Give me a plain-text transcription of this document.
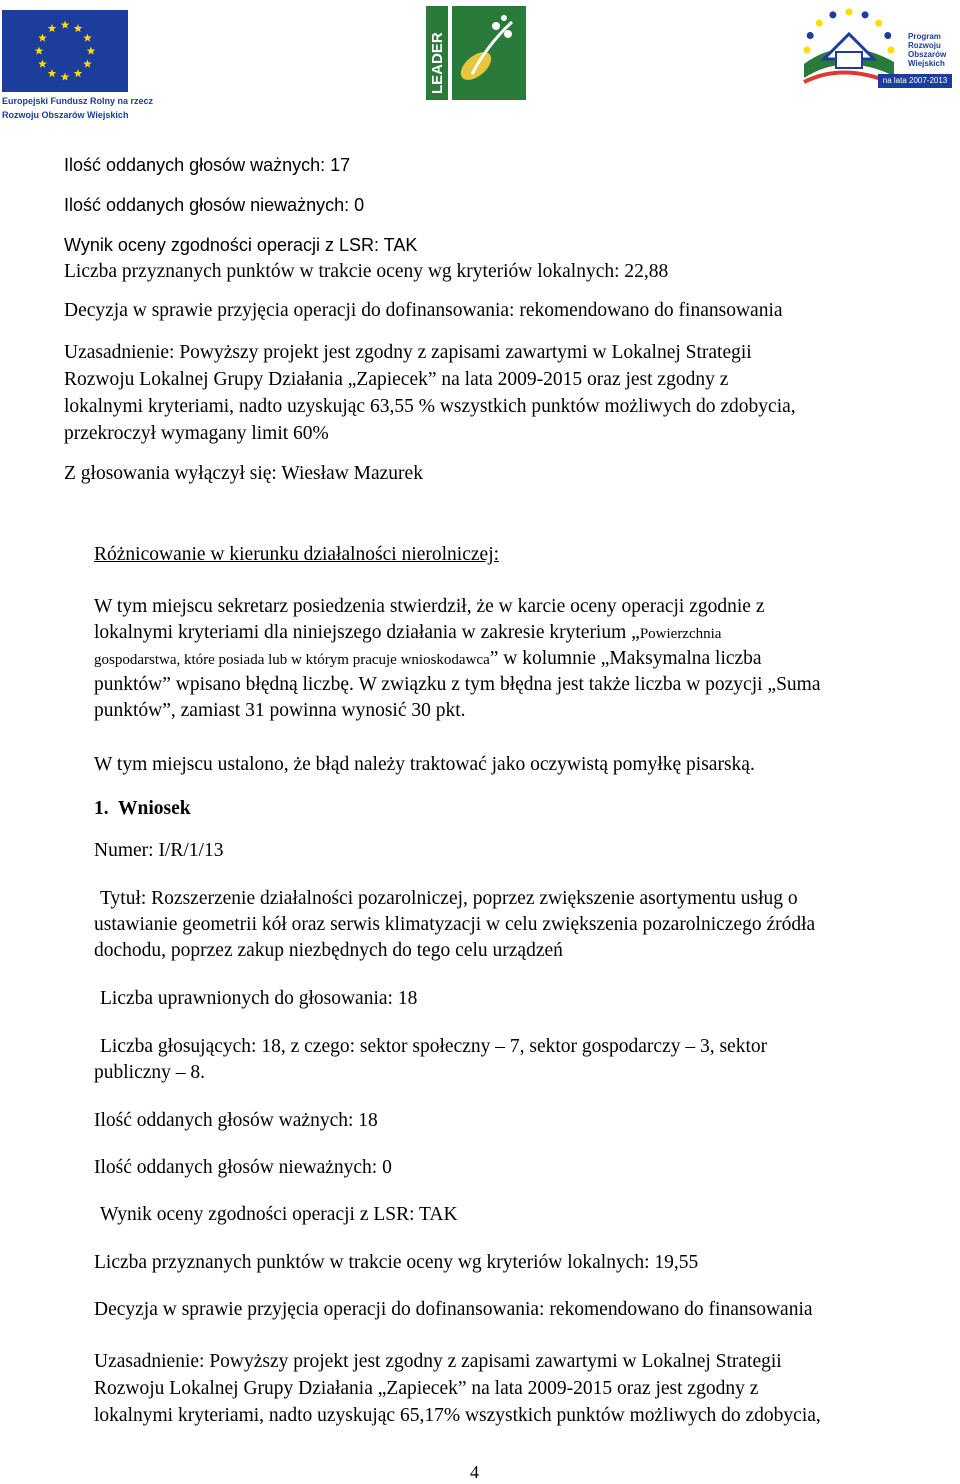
Europejski Fundusz Rolny na rzecz
Rozwoju Obszarów Wiejskich
LEADER	Program
Rozwoju
Obszarów
Wiejskich
na lata 2007-2013
Ilość oddanych głosów ważnych: 17
Ilość oddanych głosów nieważnych: 0
Wynik oceny zgodności operacji z LSR: TAK
Liczba przyznanych punktów w trakcie oceny wg kryteriów lokalnych: 22,88
Decyzja w sprawie przyjęcia operacji do dofinansowania: rekomendowano do finansowania
Uzasadnienie: Powyższy projekt jest zgodny z zapisami zawartymi w Lokalnej Strategii
Rozwoju Lokalnej Grupy Działania „Zapiecek” na lata 2009-2015 oraz jest zgodny z
lokalnymi kryteriami, nadto uzyskując 63,55 % wszystkich punktów możliwych do zdobycia,
przekroczył wymagany limit 60%
Z głosowania wyłączył się: Wiesław Mazurek
Różnicowanie w kierunku działalności nierolniczej:
W tym miejscu sekretarz posiedzenia stwierdził, że w karcie oceny operacji zgodnie z
lokalnymi kryteriami dla niniejszego działania w zakresie kryterium „Powierzchnia
gospodarstwa, które posiada lub w którym pracuje wnioskodawca” w kolumnie „Maksymalna liczba
punktów” wpisano błędną liczbę. W związku z tym błędna jest także liczba w pozycji „Suma
punktów”, zamiast 31 powinna wynosić 30 pkt.
W tym miejscu ustalono, że błąd należy traktować jako oczywistą pomyłkę pisarską.
1.  Wniosek
Numer: I/R/1/13
Tytuł: Rozszerzenie działalności pozarolniczej, poprzez zwiększenie asortymentu usług o
ustawianie geometrii kół oraz serwis klimatyzacji w celu zwiększenia pozarolniczego źródła
dochodu, poprzez zakup niezbędnych do tego celu urządzeń
Liczba uprawnionych do głosowania: 18
Liczba głosujących: 18, z czego: sektor społeczny – 7, sektor gospodarczy – 3, sektor
publiczny – 8.
Ilość oddanych głosów ważnych: 18
Ilość oddanych głosów nieważnych: 0
Wynik oceny zgodności operacji z LSR: TAK
Liczba przyznanych punktów w trakcie oceny wg kryteriów lokalnych: 19,55
Decyzja w sprawie przyjęcia operacji do dofinansowania: rekomendowano do finansowania
Uzasadnienie: Powyższy projekt jest zgodny z zapisami zawartymi w Lokalnej Strategii
Rozwoju Lokalnej Grupy Działania „Zapiecek” na lata 2009-2015 oraz jest zgodny z
lokalnymi kryteriami, nadto uzyskując 65,17% wszystkich punktów możliwych do zdobycia,
4
